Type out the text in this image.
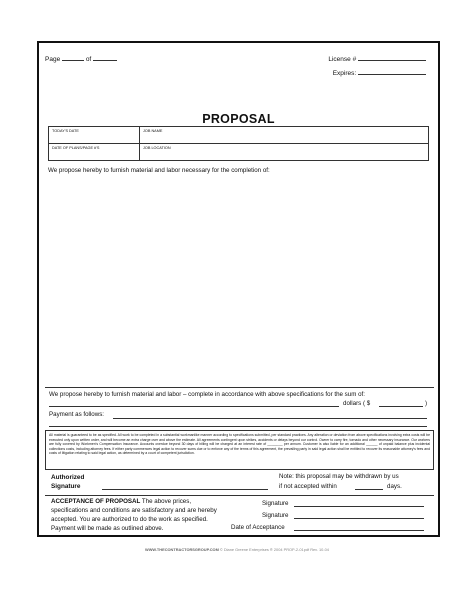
Page	of	License #
Expires:
PROPOSAL
TODAY'S DATE	JOB NAME
DATE OF PLANS/PAGE #'S	JOB LOCATION
We propose hereby to furnish material and labor necessary for the completion of:
We propose hereby to furnish material and labor – complete in accordance with above specifications for the sum of:
dollars ( $	)
Payment as follows:
All material is guaranteed to be as specified. All work to be completed in a substantial workmanlike manner according to specifications submitted, per standard practices. Any alteration or deviation from above specifications involving extra costs will be executed only upon written order, and will become an extra charge over and above the estimate. All agreements contingent upon strikes, accidents or delays beyond our control. Owner to carry fire, tornado and other necessary insurance. Our workers are fully covered by Workmen's Compensation Insurance. Accounts overdue beyond 30 days of billing will be charged at an interest rate of ________ per annum. Customer is also liable for an additional ______ of unpaid balance plus incidental collections costs, including attorney fees. If either party commences legal action to recover sums due or to enforce any of the terms of this agreement, the prevailing party in said legal action shall be entitled to recover its reasonable attorney's fees and costs of litigation relating to said legal action, as determined by a court of competent jurisdiction.
Authorized
Signature
Note: this proposal may be withdrawn by us
if not accepted within	days.
ACCEPTANCE OF PROPOSAL The above prices,
specifications and conditions are satisfactory and are hereby
accepted. You are authorized to do the work as specified.
Payment will be made as outlined above.
Signature
Signature
Date of Acceptance
WWW.THECONTRACTORSGROUP.COM © Diane Greene Enterprises ® 2004 PROP-2-01pdf Rev. 10-04
